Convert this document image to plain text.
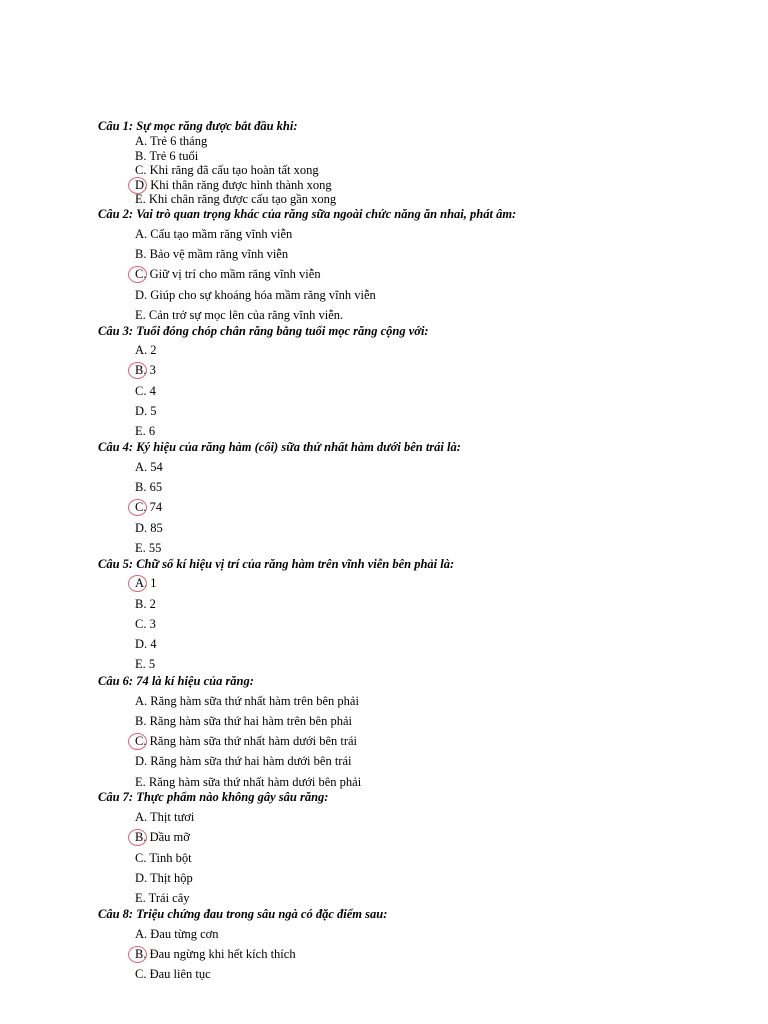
Câu 1: Sự mọc răng được bắt đầu khi:
A. Trẻ 6 tháng
B. Trẻ 6 tuổi
C. Khi răng đã cấu tạo hoàn tất xong
D. Khi thân răng được hình thành xong
E. Khi chân răng được cấu tạo gần xong
Câu 2: Vai trò quan trọng khác của răng sữa ngoài chức năng ăn nhai, phát âm:
A. Cấu tạo mầm răng vĩnh viễn
B. Bảo vệ mầm răng vĩnh viễn
C. Giữ vị trí cho mầm răng vĩnh viễn
D. Giúp cho sự khoáng hóa mầm răng vĩnh viễn
E. Cản trở sự mọc lên của răng vĩnh viễn.
Câu 3: Tuổi đóng chóp chân răng bằng tuổi mọc răng cộng với:
A. 2
B. 3
C. 4
D. 5
E. 6
Câu 4: Ký hiệu của răng hàm (cối) sữa thứ nhất hàm dưới bên trái là:
A. 54
B. 65
C. 74
D. 85
E. 55
Câu 5: Chữ số kí hiệu vị trí của răng hàm trên vĩnh viễn bên phải là:
A. 1
B. 2
C. 3
D. 4
E. 5
Câu 6: 74 là kí hiệu của răng:
A. Răng hàm sữa thứ nhất hàm trên bên phải
B. Răng hàm sữa thứ hai hàm trên bên phải
C. Răng hàm sữa thứ nhất hàm dưới bên trái
D. Răng hàm sữa thứ hai hàm dưới bên trái
E. Răng hàm sữa thứ nhất hàm dưới bên phải
Câu 7: Thực phẩm nào không gây sâu răng:
A. Thịt tươi
B. Dầu mỡ
C. Tinh bột
D. Thịt hộp
E. Trái cây
Câu 8: Triệu chứng đau trong sâu ngà có đặc điểm sau:
A. Đau từng cơn
B. Đau ngừng khi hết kích thích
C. Đau liên tục
